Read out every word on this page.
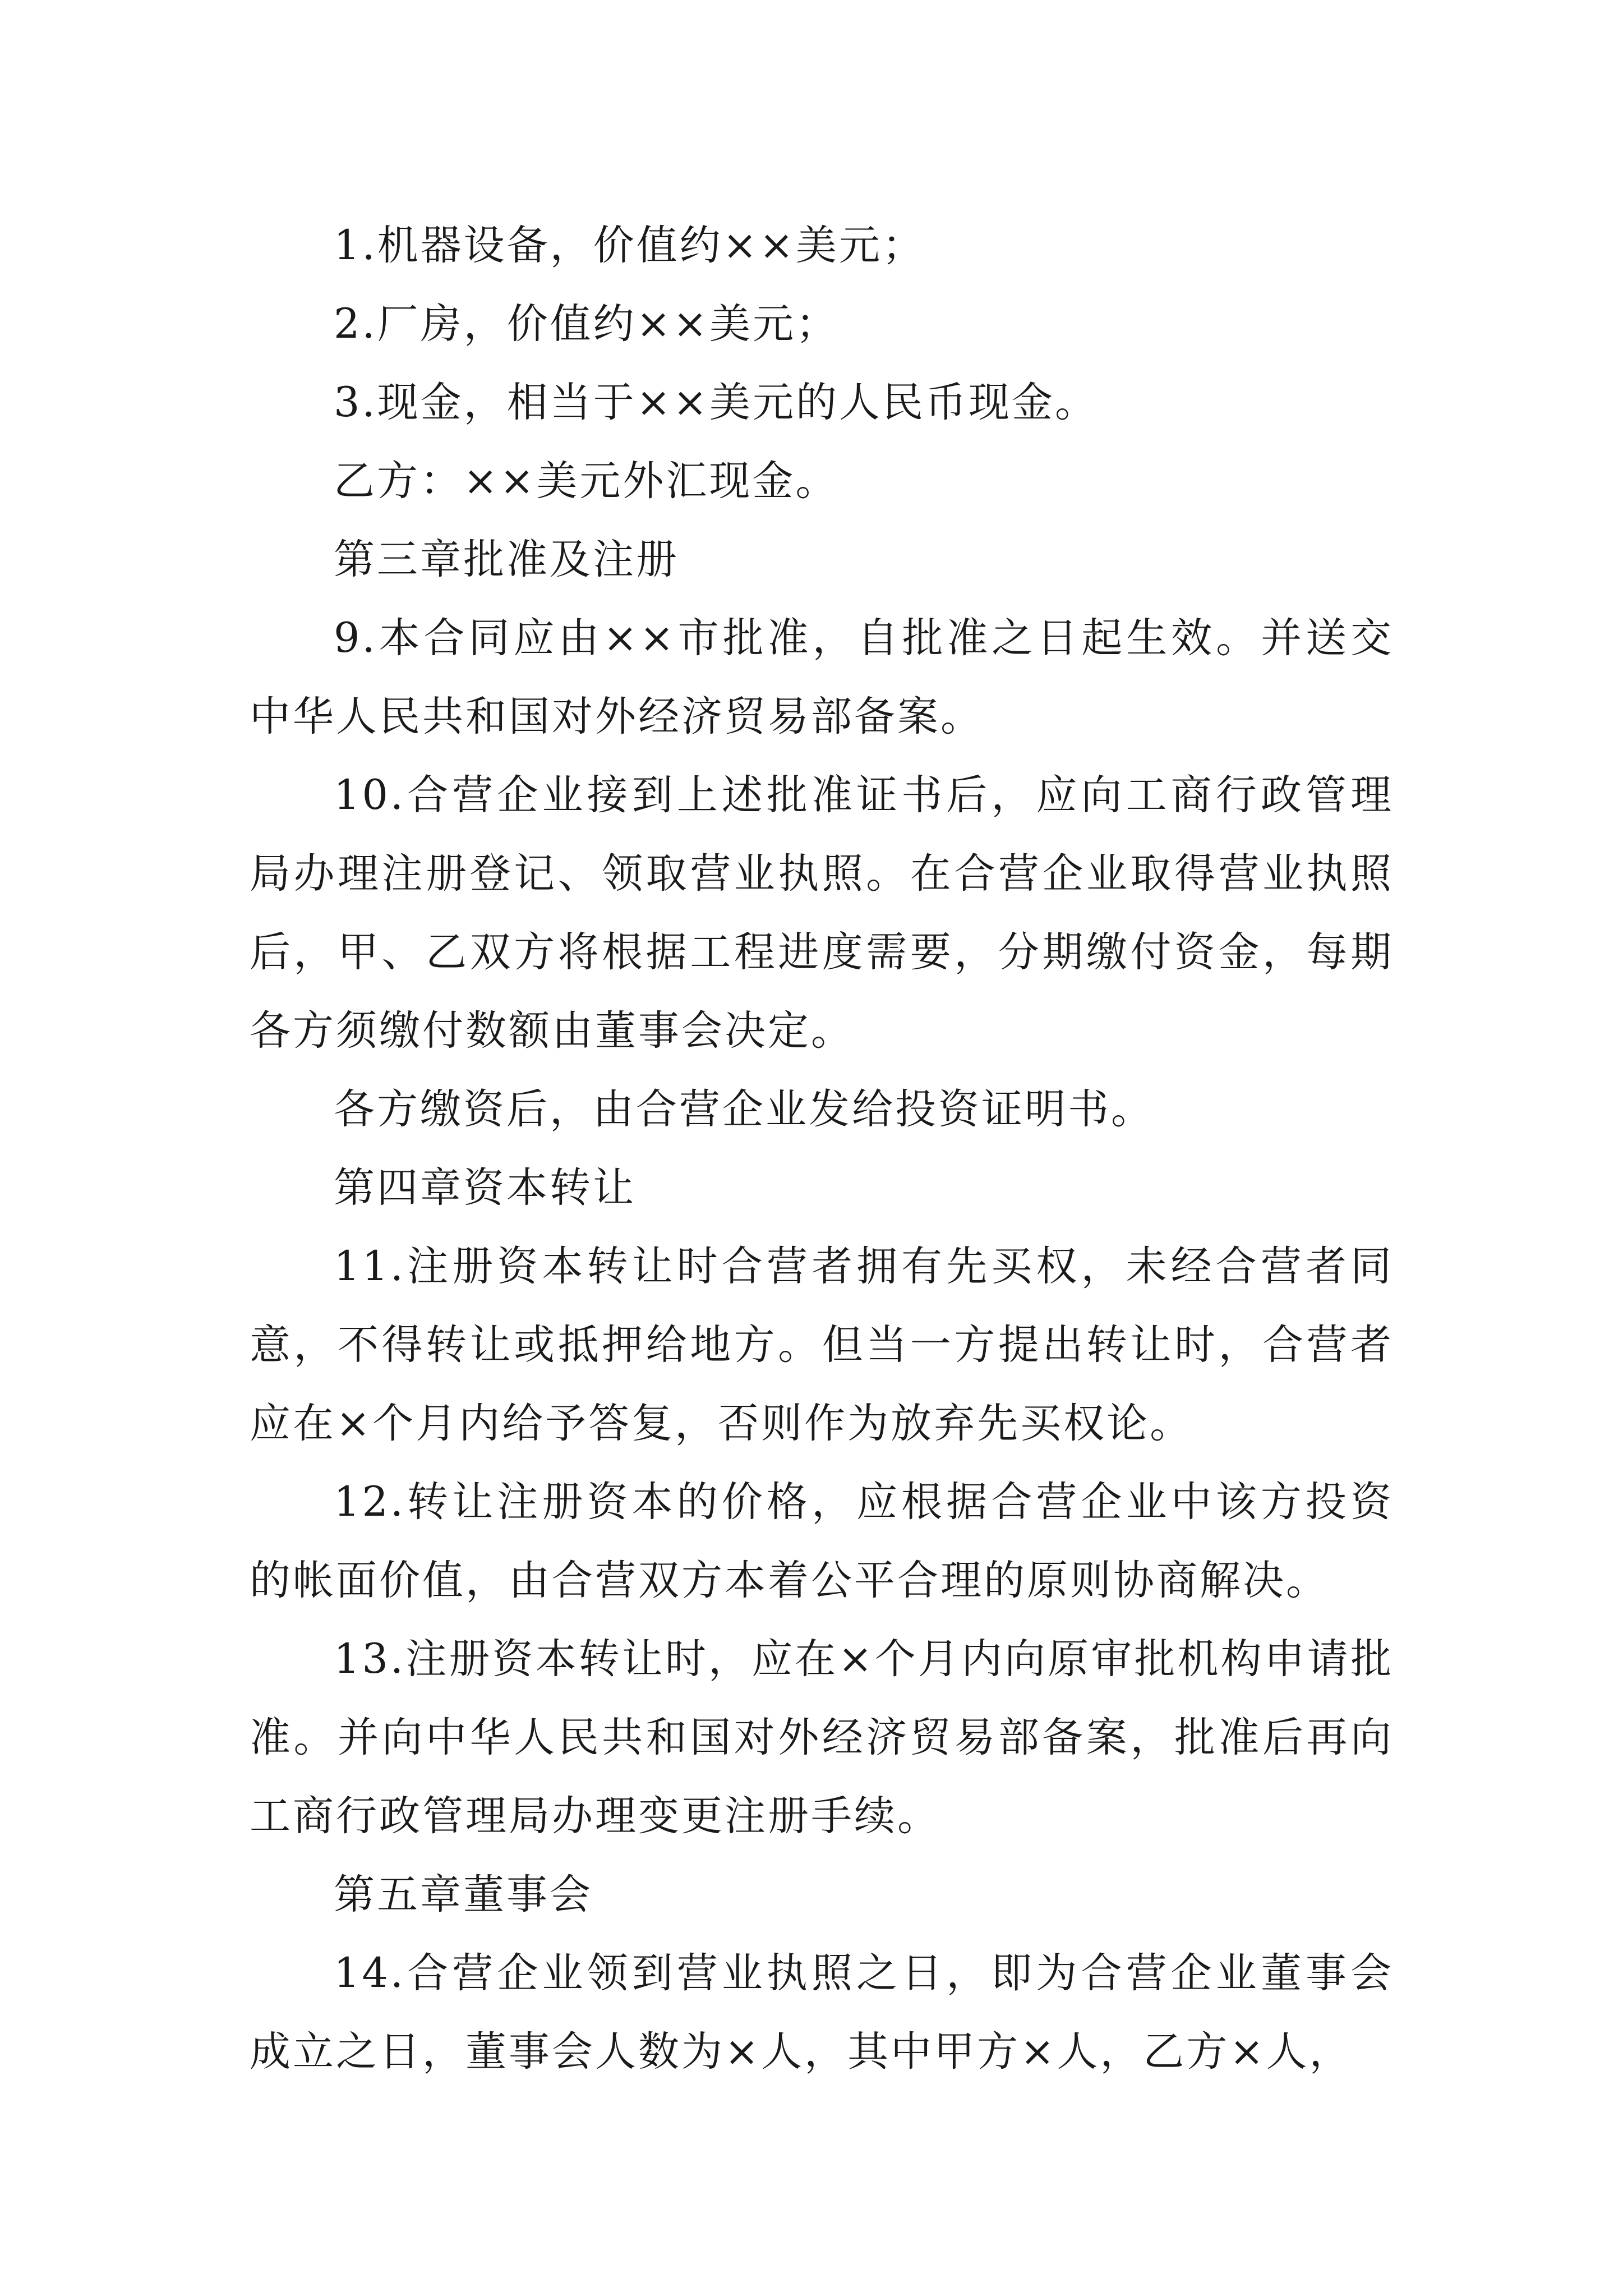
1.机器设备，价值约××美元；

2.厂房，价值约××美元；

3.现金，相当于××美元的人民币现金。

乙方：××美元外汇现金。

第三章批准及注册

9.本合同应由××市批准，自批准之日起生效。并送交中华人民共和国对外经济贸易部备案。

10.合营企业接到上述批准证书后，应向工商行政管理局办理注册登记、领取营业执照。在合营企业取得营业执照后，甲、乙双方将根据工程进度需要，分期缴付资金，每期各方须缴付数额由董事会决定。

各方缴资后，由合营企业发给投资证明书。

第四章资本转让

11.注册资本转让时合营者拥有先买权，未经合营者同意，不得转让或抵押给地方。但当一方提出转让时，合营者应在×个月内给予答复，否则作为放弃先买权论。

12.转让注册资本的价格，应根据合营企业中该方投资的帐面价值，由合营双方本着公平合理的原则协商解决。

13.注册资本转让时，应在×个月内向原审批机构申请批准。并向中华人民共和国对外经济贸易部备案，批准后再向工商行政管理局办理变更注册手续。

第五章董事会

14.合营企业领到营业执照之日，即为合营企业董事会成立之日，董事会人数为×人，其中甲方×人，乙方×人，
